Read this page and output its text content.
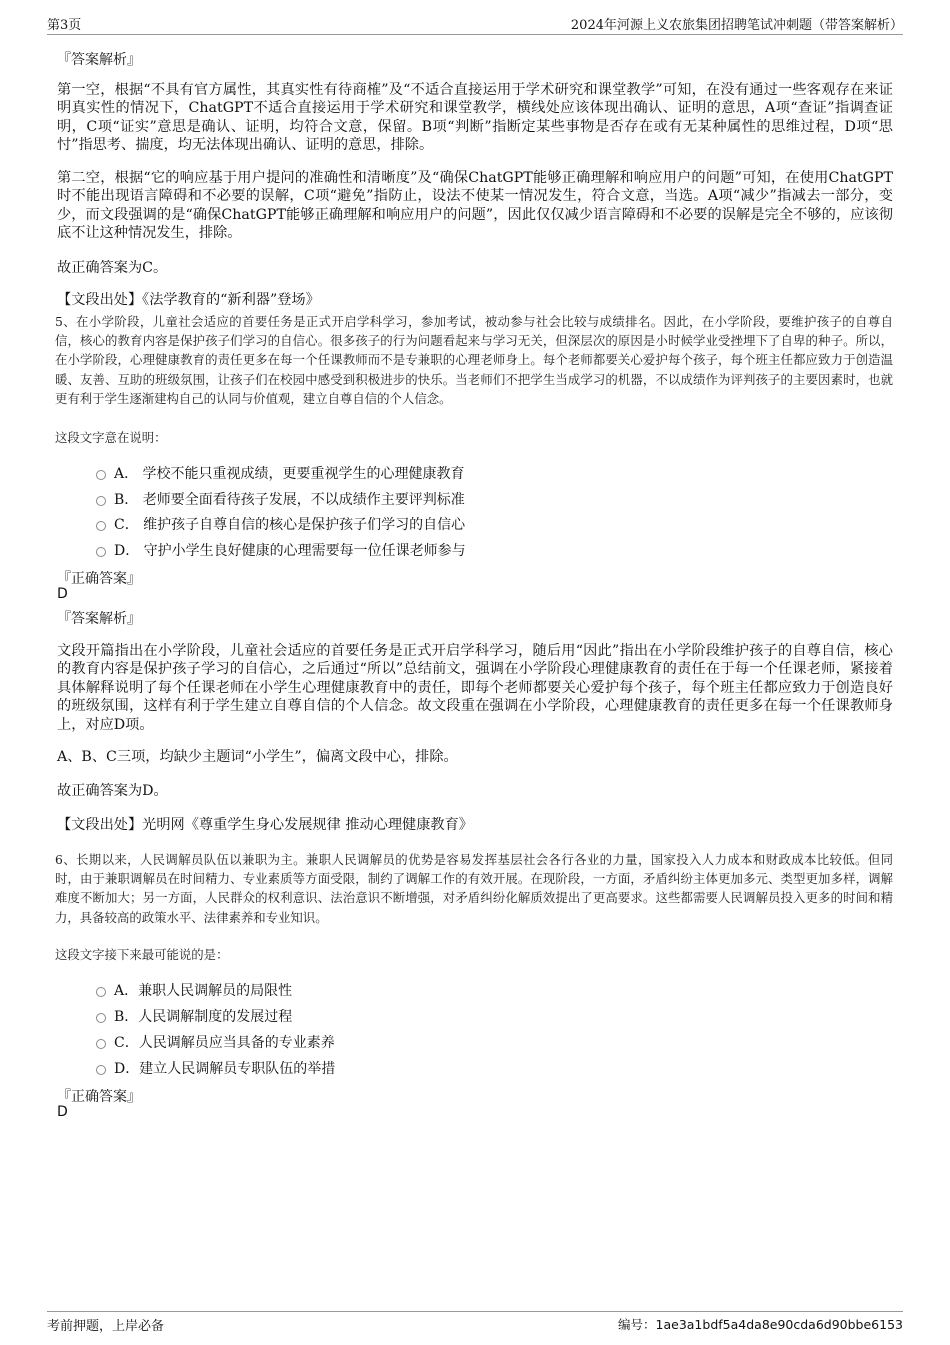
第3页	2024年河源上义农旅集团招聘笔试冲刺题（带答案解析）
『答案解析』
第一空，根据“不具有官方属性，其真实性有待商榷”及“不适合直接运用于学术研究和课堂教学”可知，在没有通过一些客观存在来证明真实性的情况下，ChatGPT不适合直接运用于学术研究和课堂教学，横线处应该体现出确认、证明的意思，A项“查证”指调查证明，C项“证实”意思是确认、证明，均符合文意，保留。B项“判断”指断定某些事物是否存在或有无某种属性的思维过程，D项“思忖”指思考、揣度，均无法体现出确认、证明的意思，排除。
第二空，根据“它的响应基于用户提问的准确性和清晰度”及“确保ChatGPT能够正确理解和响应用户的问题”可知，在使用ChatGPT时不能出现语言障碍和不必要的误解，C项“避免”指防止，设法不使某一情况发生，符合文意，当选。A项“减少”指减去一部分，变少，而文段强调的是“确保ChatGPT能够正确理解和响应用户的问题”，因此仅仅减少语言障碍和不必要的误解是完全不够的，应该彻底不让这种情况发生，排除。
故正确答案为C。
【文段出处】《法学教育的“新利器”登场》
5、在小学阶段，儿童社会适应的首要任务是正式开启学科学习，参加考试，被动参与社会比较与成绩排名。因此，在小学阶段，要维护孩子的自尊自信，核心的教育内容是保护孩子们学习的自信心。很多孩子的行为问题看起来与学习无关，但深层次的原因是小时候学业受挫埋下了自卑的种子。所以，在小学阶段，心理健康教育的责任更多在每一个任课教师而不是专兼职的心理老师身上。每个老师都要关心爱护每个孩子，每个班主任都应致力于创造温暖、友善、互助的班级氛围，让孩子们在校园中感受到积极进步的快乐。当老师们不把学生当成学习的机器，不以成绩作为评判孩子的主要因素时，也就更有利于学生逐渐建构自己的认同与价值观，建立自尊自信的个人信念。
这段文字意在说明：
A． 学校不能只重视成绩，更要重视学生的心理健康教育
B． 老师要全面看待孩子发展，不以成绩作主要评判标准
C． 维护孩子自尊自信的核心是保护孩子们学习的自信心
D． 守护小学生良好健康的心理需要每一位任课老师参与
『正确答案』
D
『答案解析』
文段开篇指出在小学阶段，儿童社会适应的首要任务是正式开启学科学习，随后用“因此”指出在小学阶段维护孩子的自尊自信，核心的教育内容是保护孩子学习的自信心，之后通过“所以”总结前文，强调在小学阶段心理健康教育的责任在于每一个任课老师，紧接着具体解释说明了每个任课老师在小学生心理健康教育中的责任，即每个老师都要关心爱护每个孩子，每个班主任都应致力于创造良好的班级氛围，这样有利于学生建立自尊自信的个人信念。故文段重在强调在小学阶段，心理健康教育的责任更多在每一个任课教师身上，对应D项。
A、B、C三项，均缺少主题词“小学生”，偏离文段中心，排除。
故正确答案为D。
【文段出处】光明网《尊重学生身心发展规律 推动心理健康教育》
6、长期以来，人民调解员队伍以兼职为主。兼职人民调解员的优势是容易发挥基层社会各行各业的力量，国家投入人力成本和财政成本比较低。但同时，由于兼职调解员在时间精力、专业素质等方面受限，制约了调解工作的有效开展。在现阶段，一方面，矛盾纠纷主体更加多元、类型更加多样，调解难度不断加大；另一方面，人民群众的权利意识、法治意识不断增强，对矛盾纠纷化解质效提出了更高要求。这些都需要人民调解员投入更多的时间和精力，具备较高的政策水平、法律素养和专业知识。
这段文字接下来最可能说的是：
A．兼职人民调解员的局限性
B．人民调解制度的发展过程
C．人民调解员应当具备的专业素养
D．建立人民调解员专职队伍的举措
『正确答案』
D
考前押题，上岸必备	编号：1ae3a1bdf5a4da8e90cda6d90bbe6153
